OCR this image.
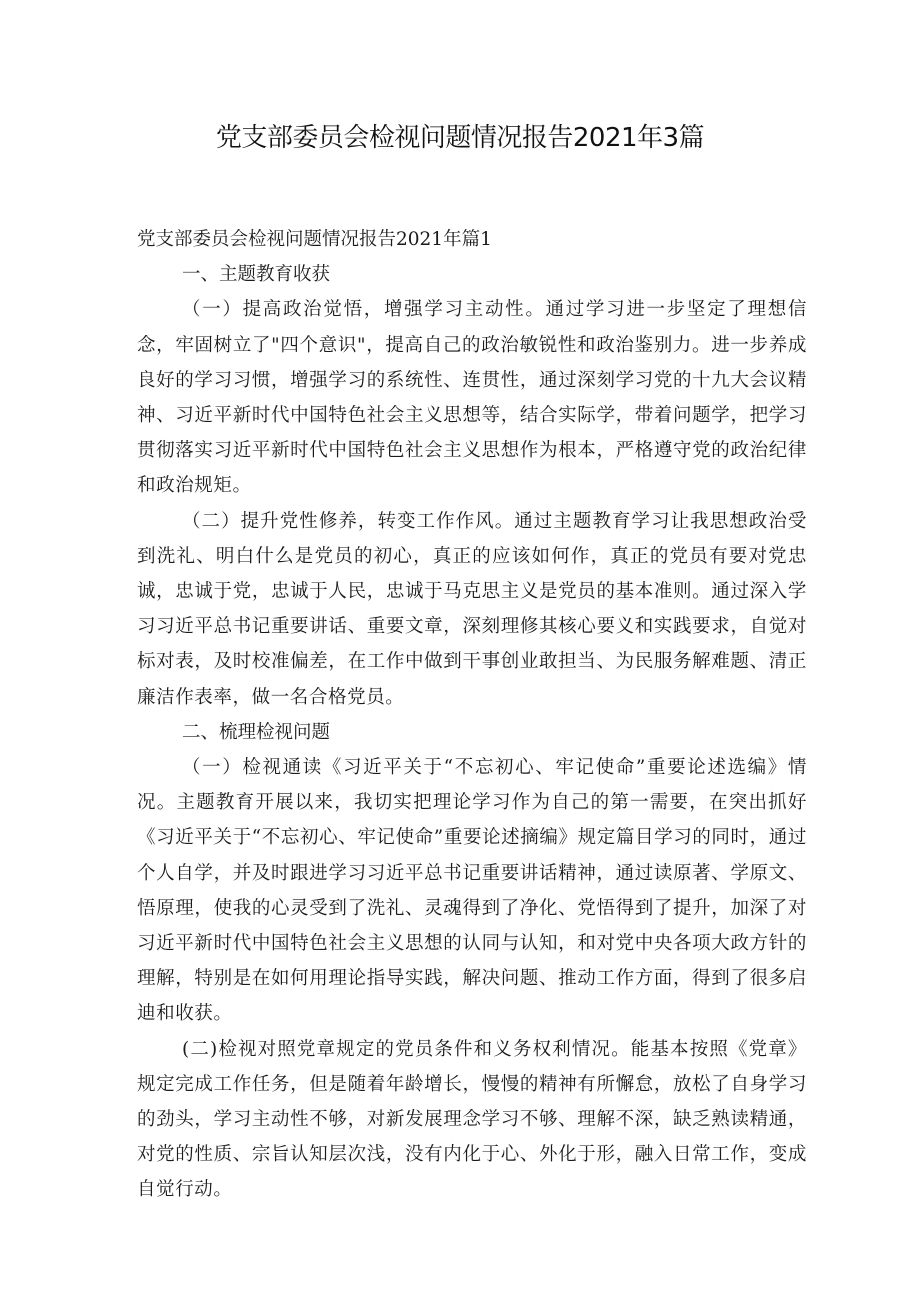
党支部委员会检视问题情况报告2021年3篇

党支部委员会检视问题情况报告2021年篇1

一、主题教育收获

（一）提高政治觉悟，增强学习主动性。通过学习进一步坚定了理想信念，牢固树立了"四个意识"，提高自己的政治敏锐性和政治鉴别力。进一步养成良好的学习习惯，增强学习的系统性、连贯性，通过深刻学习党的十九大会议精神、习近平新时代中国特色社会主义思想等，结合实际学，带着问题学，把学习贯彻落实习近平新时代中国特色社会主义思想作为根本，严格遵守党的政治纪律和政治规矩。

（二）提升党性修养，转变工作作风。通过主题教育学习让我思想政治受到洗礼、明白什么是党员的初心，真正的应该如何作，真正的党员有要对党忠诚，忠诚于党，忠诚于人民，忠诚于马克思主义是党员的基本准则。通过深入学习习近平总书记重要讲话、重要文章，深刻理修其核心要义和实践要求，自觉对标对表，及时校准偏差，在工作中做到干事创业敢担当、为民服务解难题、清正廉洁作表率，做一名合格党员。

二、梳理检视问题

（一）检视通读《习近平关于“不忘初心、牢记使命”重要论述选编》情况。主题教育开展以来，我切实把理论学习作为自己的第一需要，在突出抓好《习近平关于“不忘初心、牢记使命”重要论述摘编》规定篇目学习的同时，通过个人自学，并及时跟进学习习近平总书记重要讲话精神，通过读原著、学原文、悟原理，使我的心灵受到了洗礼、灵魂得到了净化、党悟得到了提升，加深了对习近平新时代中国特色社会主义思想的认同与认知，和对党中央各项大政方针的理解，特别是在如何用理论指导实践，解决问题、推动工作方面，得到了很多启迪和收获。

(二)检视对照党章规定的党员条件和义务权利情况。能基本按照《党章》规定完成工作任务，但是随着年龄增长，慢慢的精神有所懈怠，放松了自身学习的劲头，学习主动性不够，对新发展理念学习不够、理解不深，缺乏熟读精通，对党的性质、宗旨认知层次浅，没有内化于心、外化于形，融入日常工作，变成自觉行动。
